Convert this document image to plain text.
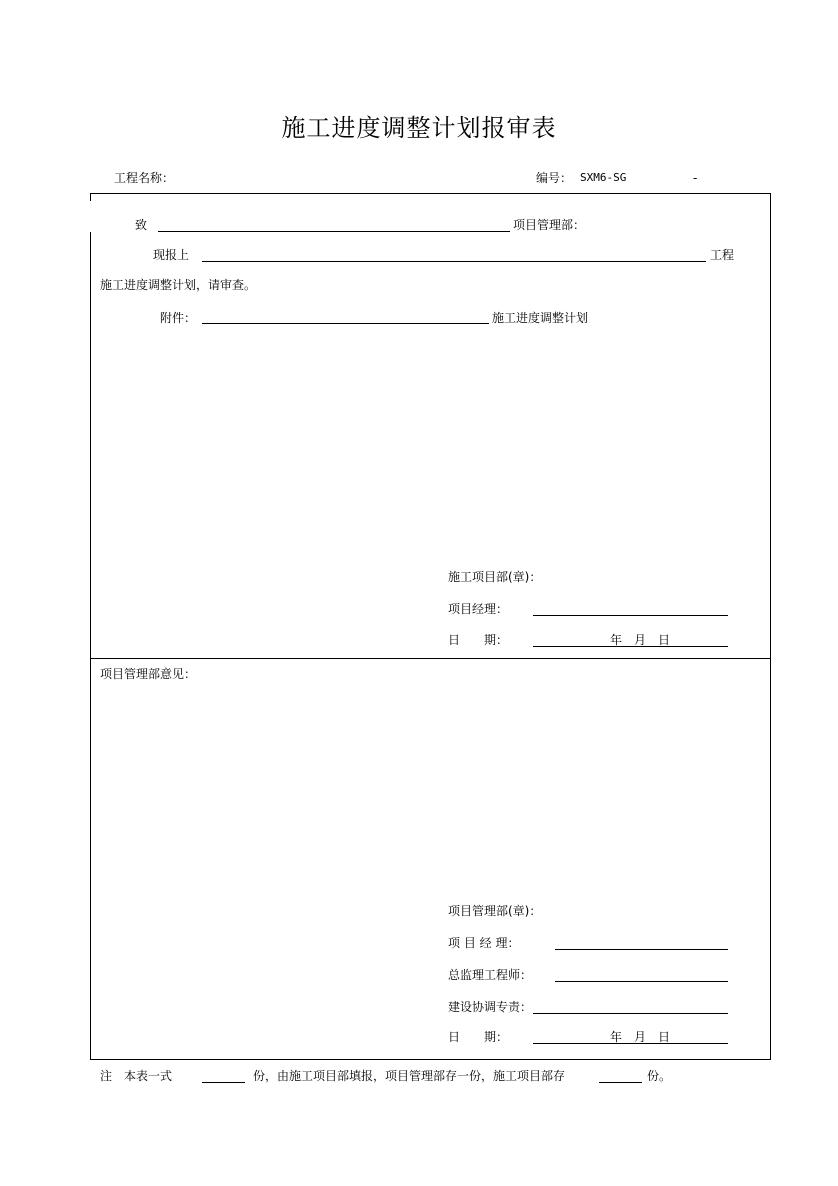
施工进度调整计划报审表
工程名称：	编号： SXM6-SG	-
致	项目管理部：
现报上	工程
施工进度调整计划，请审查。
附件：	施工进度调整计划
施工项目部(章)：
项目经理：
日　　期：	年　月　日
项目管理部意见：
项目管理部(章)：
项 目 经 理：
总监理工程师：
建设协调专责：
日　　期：	年　月　日
注　本表一式	份，由施工项目部填报，项目管理部存一份，施工项目部存	份。
